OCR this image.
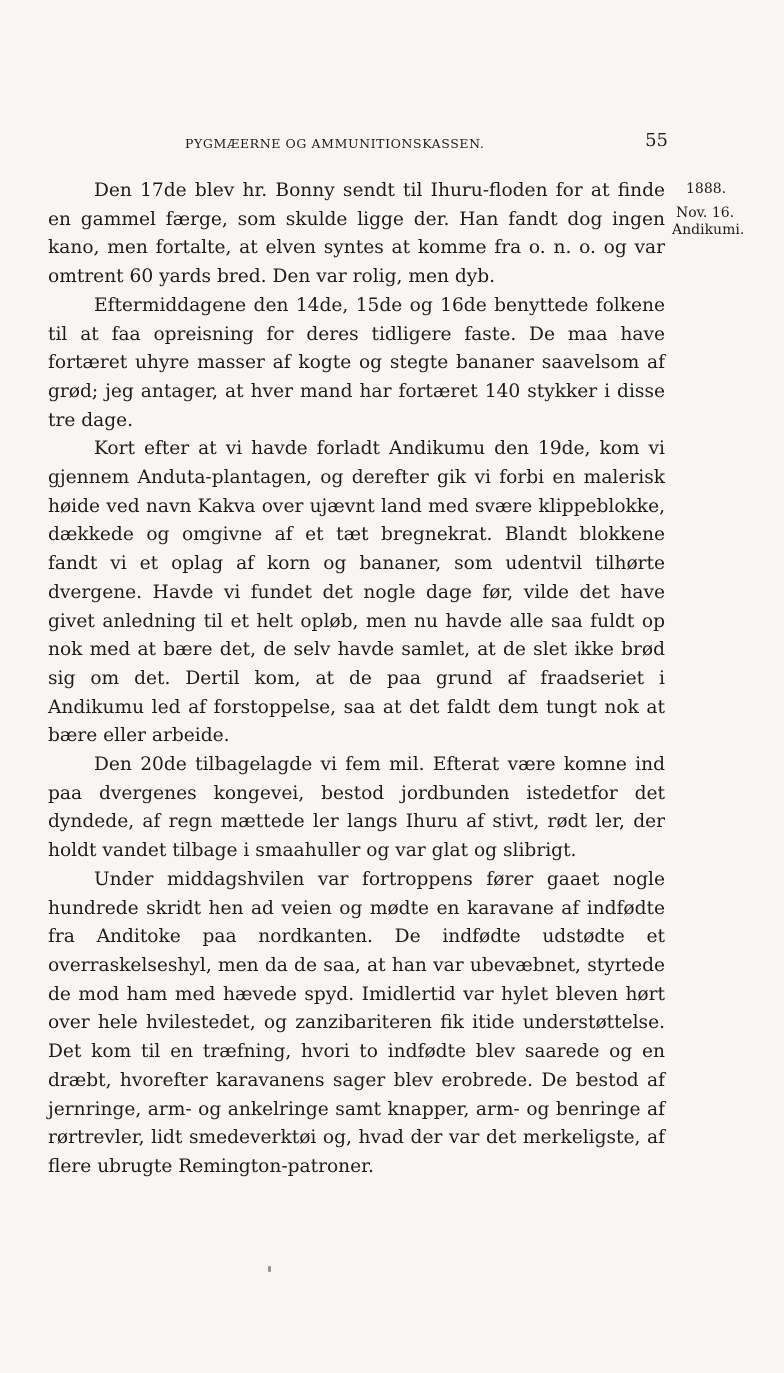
PYGMÆERNE OG AMMUNITIONSKASSEN.	55
1888.
Nov. 16.
Andikumi.

Den 17de blev hr. Bonny sendt til Ihuru-floden for at finde en gammel færge, som skulde ligge der. Han fandt dog ingen kano, men fortalte, at elven syntes at komme fra o. n. o. og var omtrent 60 yards bred. Den var rolig, men dyb.

Eftermiddagene den 14de, 15de og 16de benyttede folkene til at faa opreisning for deres tidligere faste. De maa have fortæret uhyre masser af kogte og stegte bananer saavelsom af grød; jeg antager, at hver mand har fortæret 140 stykker i disse tre dage.

Kort efter at vi havde forladt Andikumu den 19de, kom vi gjennem Anduta-plantagen, og derefter gik vi forbi en malerisk høide ved navn Kakva over ujævnt land med svære klippeblokke, dækkede og omgivne af et tæt bregnekrat. Blandt blokkene fandt vi et oplag af korn og bananer, som udentvil tilhørte dvergene. Havde vi fundet det nogle dage før, vilde det have givet anledning til et helt opløb, men nu havde alle saa fuldt op nok med at bære det, de selv havde samlet, at de slet ikke brød sig om det. Dertil kom, at de paa grund af fraadseriet i Andikumu led af forstoppelse, saa at det faldt dem tungt nok at bære eller arbeide.

Den 20de tilbagelagde vi fem mil. Efterat være komne ind paa dvergenes kongevei, bestod jordbunden istedetfor det dyndede, af regn mættede ler langs Ihuru af stivt, rødt ler, der holdt vandet tilbage i smaahuller og var glat og slibrigt.

Under middagshvilen var fortroppens fører gaaet nogle hundrede skridt hen ad veien og mødte en karavane af indfødte fra Anditoke paa nordkanten. De indfødte udstødte et overraskelseshyl, men da de saa, at han var ubevæbnet, styrtede de mod ham med hævede spyd. Imidlertid var hylet bleven hørt over hele hvilestedet, og zanzibariteren fik itide understøttelse. Det kom til en træfning, hvori to indfødte blev saarede og en dræbt, hvorefter karavanens sager blev erobrede. De bestod af jernringe, arm- og ankelringe samt knapper, arm- og benringe af rørtrevler, lidt smedeverktøi og, hvad der var det merkeligste, af flere ubrugte Remington-patroner.
